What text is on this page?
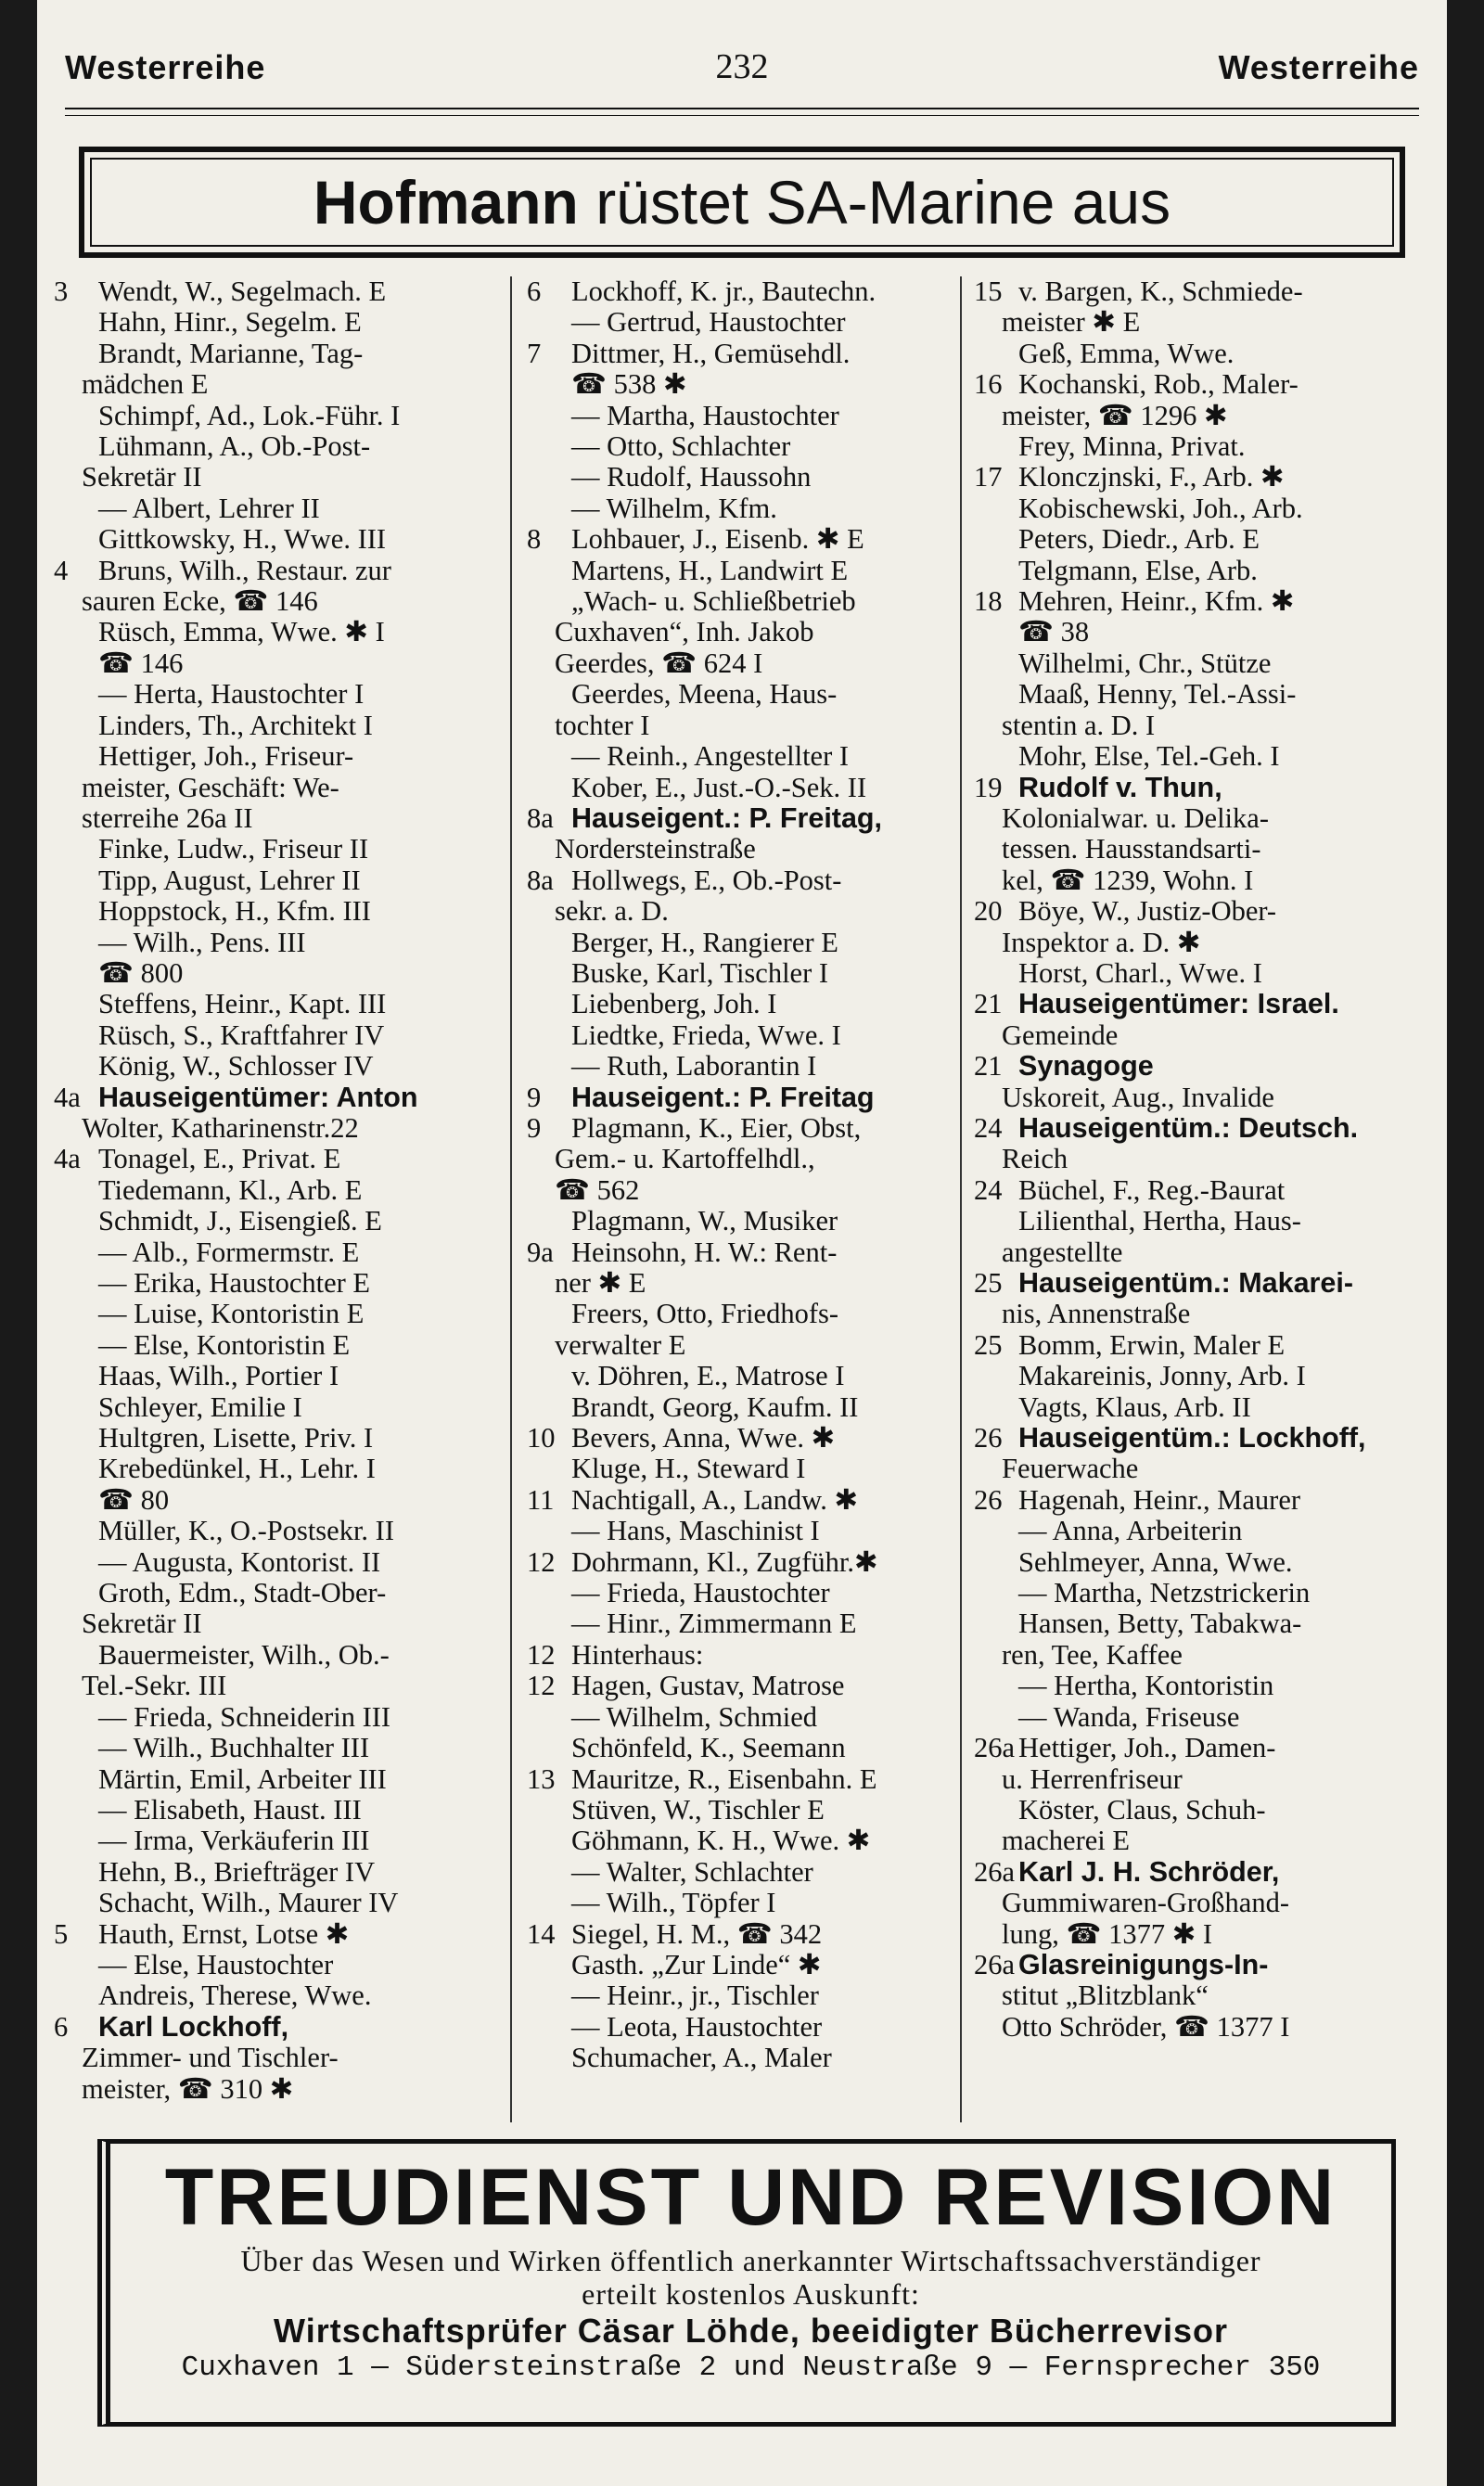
Westerreihe	232	Westerreihe
Hofmann rüstet SA-Marine aus
3	Wendt, W., Segelmach. E
Hahn, Hinr., Segelm. E
Brandt, Marianne, Tag-
mädchen E
Schimpf, Ad., Lok.-Führ. I
Lühmann, A., Ob.-Post-
Sekretär II
— Albert, Lehrer II
Gittkowsky, H., Wwe. III
4	Bruns, Wilh., Restaur. zur
sauren Ecke, ☎ 146
Rüsch, Emma, Wwe. ✱ I
☎ 146
— Herta, Haustochter I
Linders, Th., Architekt I
Hettiger, Joh., Friseur-
meister, Geschäft: We-
sterreihe 26a II
Finke, Ludw., Friseur II
Tipp, August, Lehrer II
Hoppstock, H., Kfm. III
— Wilh., Pens. III
☎ 800
Steffens, Heinr., Kapt. III
Rüsch, S., Kraftfahrer IV
König, W., Schlosser IV
4a Hauseigentümer: Anton
Wolter, Katharinenstr.22
4a Tonagel, E., Privat. E
Tiedemann, Kl., Arb. E
Schmidt, J., Eisengieß. E
— Alb., Formermstr. E
— Erika, Haustochter E
— Luise, Kontoristin E
— Else, Kontoristin E
Haas, Wilh., Portier I
Schleyer, Emilie I
Hultgren, Lisette, Priv. I
Krebedünkel, H., Lehr. I
☎ 80
Müller, K., O.-Postsekr. II
— Augusta, Kontorist. II
Groth, Edm., Stadt-Ober-
Sekretär II
Bauermeister, Wilh., Ob.-
Tel.-Sekr. III
— Frieda, Schneiderin III
— Wilh., Buchhalter III
Märtin, Emil, Arbeiter III
— Elisabeth, Haust. III
— Irma, Verkäuferin III
Hehn, B., Briefträger IV
Schacht, Wilh., Maurer IV
5	Hauth, Ernst, Lotse ✱
— Else, Haustochter
Andreis, Therese, Wwe.
6	Karl Lockhoff,
Zimmer- und Tischler-
meister, ☎ 310 ✱
6	Lockhoff, K. jr., Bautechn.
— Gertrud, Haustochter
7	Dittmer, H., Gemüsehdl.
☎ 538 ✱
— Martha, Haustochter
— Otto, Schlachter
— Rudolf, Haussohn
— Wilhelm, Kfm.
8	Lohbauer, J., Eisenb. ✱ E
Martens, H., Landwirt E
„Wach- u. Schließbetrieb
Cuxhaven“, Inh. Jakob
Geerdes, ☎ 624 I
Geerdes, Meena, Haus-
tochter I
— Reinh., Angestellter I
Kober, E., Just.-O.-Sek. II
8a Hauseigent.: P. Freitag,
Nordersteinstraße
8a Hollwegs, E., Ob.-Post-
sekr. a. D.
Berger, H., Rangierer E
Buske, Karl, Tischler I
Liebenberg, Joh. I
Liedtke, Frieda, Wwe. I
— Ruth, Laborantin I
9	Hauseigent.: P. Freitag
9	Plagmann, K., Eier, Obst,
Gem.- u. Kartoffelhdl.,
☎ 562
Plagmann, W., Musiker
9a Heinsohn, H. W.: Rent-
ner ✱ E
Freers, Otto, Friedhofs-
verwalter E
v. Döhren, E., Matrose I
Brandt, Georg, Kaufm. II
10 Bevers, Anna, Wwe. ✱
Kluge, H., Steward I
11 Nachtigall, A., Landw. ✱
— Hans, Maschinist I
12 Dohrmann, Kl., Zugführ.✱
— Frieda, Haustochter
— Hinr., Zimmermann E
12 Hinterhaus:
12 Hagen, Gustav, Matrose
— Wilhelm, Schmied
Schönfeld, K., Seemann
13 Mauritze, R., Eisenbahn. E
Stüven, W., Tischler E
Göhmann, K. H., Wwe. ✱
— Walter, Schlachter
— Wilh., Töpfer I
14 Siegel, H. M., ☎ 342
Gasth. „Zur Linde“ ✱
— Heinr., jr., Tischler
— Leota, Haustochter
Schumacher, A., Maler
15 v. Bargen, K., Schmiede-
meister ✱ E
Geß, Emma, Wwe.
16 Kochanski, Rob., Maler-
meister, ☎ 1296 ✱
Frey, Minna, Privat.
17 Klonczjnski, F., Arb. ✱
Kobischewski, Joh., Arb.
Peters, Diedr., Arb. E
Telgmann, Else, Arb.
18 Mehren, Heinr., Kfm. ✱
☎ 38
Wilhelmi, Chr., Stütze
Maaß, Henny, Tel.-Assi-
stentin a. D. I
Mohr, Else, Tel.-Geh. I
19 Rudolf v. Thun,
Kolonialwar. u. Delika-
tessen. Hausstandsarti-
kel, ☎ 1239, Wohn. I
20 Böye, W., Justiz-Ober-
Inspektor a. D. ✱
Horst, Charl., Wwe. I
21 Hauseigentümer: Israel.
Gemeinde
21 Synagoge
Uskoreit, Aug., Invalide
24 Hauseigentüm.: Deutsch.
Reich
24 Büchel, F., Reg.-Baurat
Lilienthal, Hertha, Haus-
angestellte
25 Hauseigentüm.: Makarei-
nis, Annenstraße
25 Bomm, Erwin, Maler E
Makareinis, Jonny, Arb. I
Vagts, Klaus, Arb. II
26 Hauseigentüm.: Lockhoff,
Feuerwache
26 Hagenah, Heinr., Maurer
— Anna, Arbeiterin
Sehlmeyer, Anna, Wwe.
— Martha, Netzstrickerin
Hansen, Betty, Tabakwa-
ren, Tee, Kaffee
— Hertha, Kontoristin
— Wanda, Friseuse
26a Hettiger, Joh., Damen-
u. Herrenfriseur
Köster, Claus, Schuh-
macherei E
26a Karl J. H. Schröder,
Gummiwaren-Großhand-
lung, ☎ 1377 ✱ I
26a Glasreinigungs-In-
stitut „Blitzblank“
Otto Schröder, ☎ 1377 I
TREUDIENST UND REVISION
Über das Wesen und Wirken öffentlich anerkannter Wirtschaftssachverständiger
erteilt kostenlos Auskunft:
Wirtschaftsprüfer Cäsar Löhde, beeidigter Bücherrevisor
Cuxhaven 1 — Südersteinstraße 2 und Neustraße 9 — Fernsprecher 350
